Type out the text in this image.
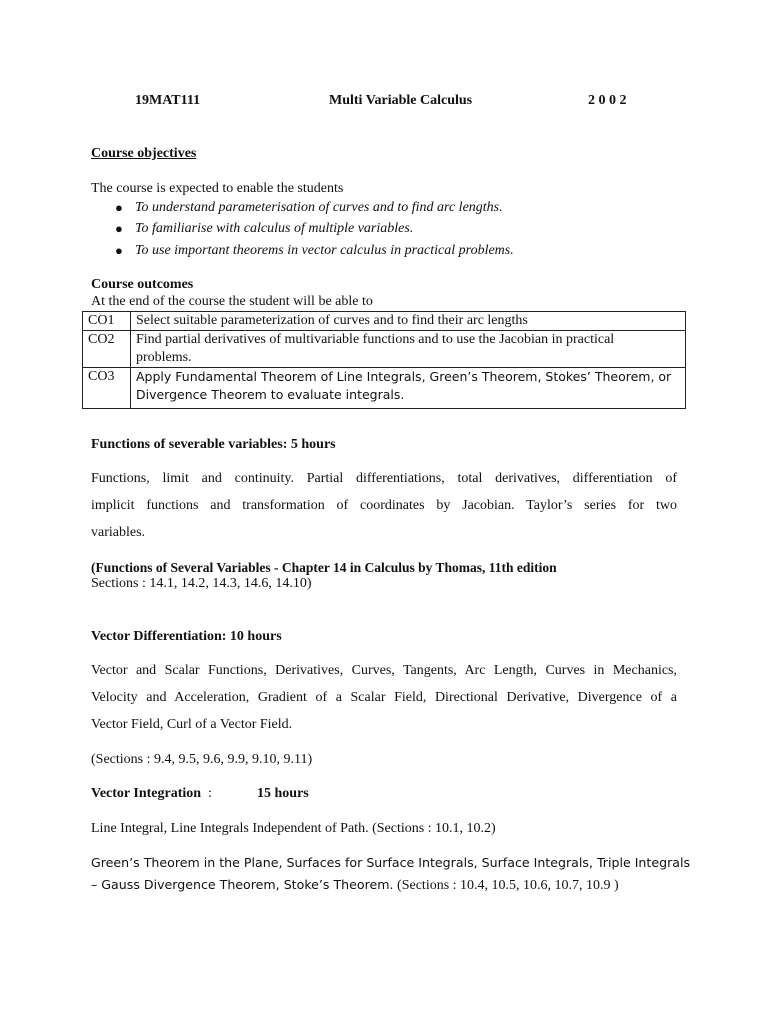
19MAT111	Multi Variable Calculus	2 0 0 2
Course objectives
The course is expected to enable the students
● To understand parameterisation of curves and to find arc lengths.
● To familiarise with calculus of multiple variables.
● To use important theorems in vector calculus in practical problems.
Course outcomes
At the end of the course the student will be able to
CO1	Select suitable parameterization of curves and to find their arc lengths
CO2	Find partial derivatives of multivariable functions and to use the Jacobian in practical
problems.

CO3	Apply Fundamental Theorem of Line Integrals, Green’s Theorem, Stokes’ Theorem, or
Divergence Theorem to evaluate integrals.
Functions of severable variables: 5 hours
Functions, limit and continuity. Partial differentiations, total derivatives, differentiation of
implicit functions and transformation of coordinates by Jacobian. Taylor’s series for two
variables.
(Functions of Several Variables - Chapter 14 in Calculus by Thomas, 11th edition
Sections : 14.1, 14.2, 14.3, 14.6, 14.10)
Vector Differentiation: 10 hours
Vector and Scalar Functions, Derivatives, Curves, Tangents, Arc Length, Curves in Mechanics,
Velocity and Acceleration, Gradient of a Scalar Field, Directional Derivative, Divergence of a
Vector Field, Curl of a Vector Field.
(Sections : 9.4, 9.5, 9.6, 9.9, 9.10, 9.11)
Vector Integration :	15 hours
Line Integral, Line Integrals Independent of Path. (Sections : 10.1, 10.2)
Green’s Theorem in the Plane, Surfaces for Surface Integrals, Surface Integrals, Triple Integrals
– Gauss Divergence Theorem, Stoke’s Theorem. (Sections : 10.4, 10.5, 10.6, 10.7, 10.9 )
